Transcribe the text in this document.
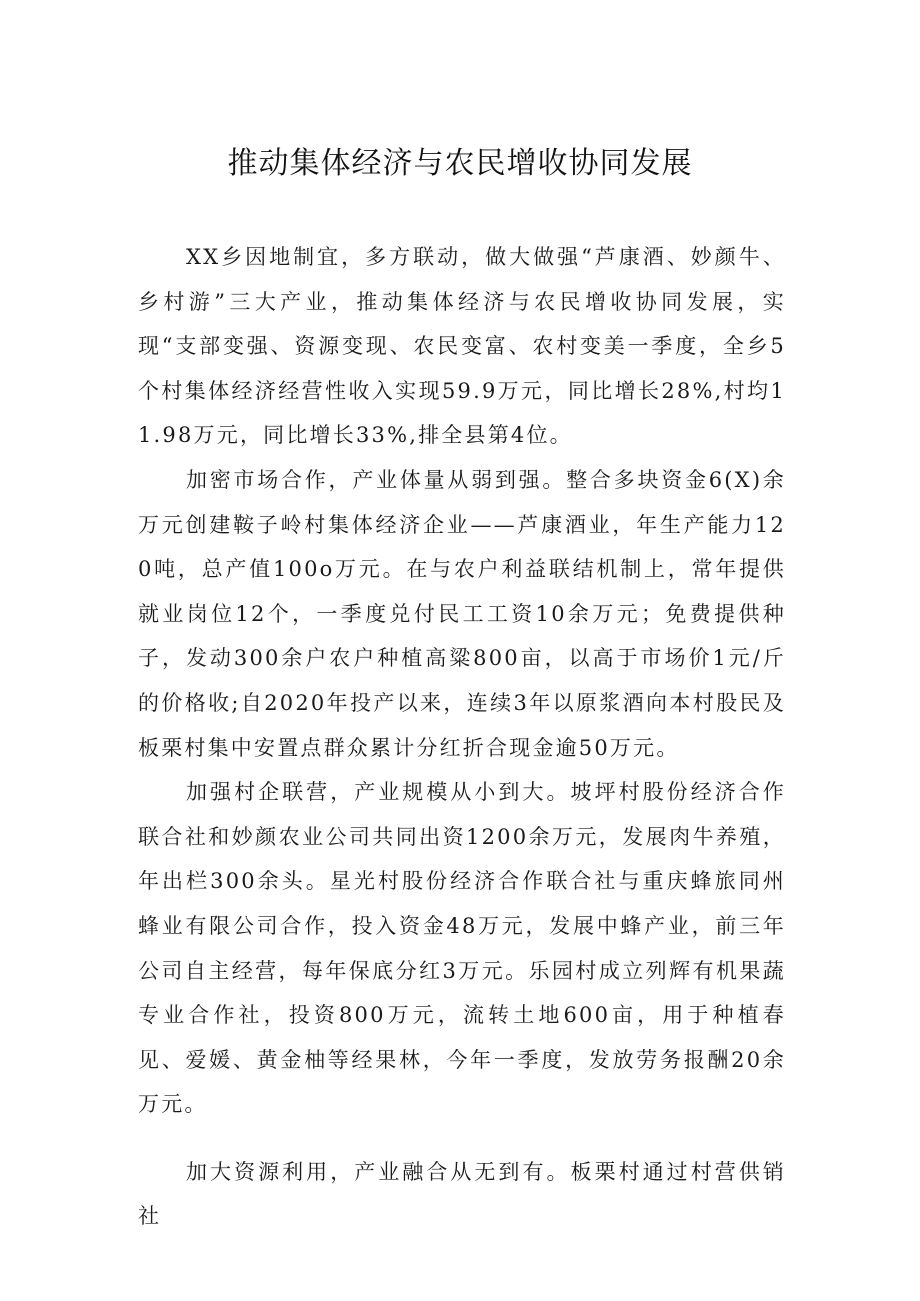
推动集体经济与农民增收协同发展

XX乡因地制宜，多方联动，做大做强“芦康酒、妙颜牛、乡村游”三大产业，推动集体经济与农民增收协同发展，实现“支部变强、资源变现、农民变富、农村变美一季度，全乡5个村集体经济经营性收入实现59.9万元，同比增长28%,村均11.98万元，同比增长33%,排全县第4位。

加密市场合作，产业体量从弱到强。整合多块资金6(X)余万元创建鞍子岭村集体经济企业——芦康酒业，年生产能力120吨，总产值100o万元。在与农户利益联结机制上，常年提供就业岗位12个，一季度兑付民工工资10余万元；免费提供种子，发动300余户农户种植高粱800亩，以高于市场价1元/斤的价格收;自2020年投产以来，连续3年以原浆酒向本村股民及板栗村集中安置点群众累计分红折合现金逾50万元。

加强村企联营，产业规模从小到大。坡坪村股份经济合作联合社和妙颜农业公司共同出资1200余万元，发展肉牛养殖，年出栏300余头。星光村股份经济合作联合社与重庆蜂旅同州蜂业有限公司合作，投入资金48万元，发展中蜂产业，前三年公司自主经营，每年保底分红3万元。乐园村成立列辉有机果蔬专业合作社，投资800万元，流转土地600亩，用于种植春见、爱媛、黄金柚等经果林，今年一季度，发放劳务报酬20余万元。

加大资源利用，产业融合从无到有。板栗村通过村营供销社
